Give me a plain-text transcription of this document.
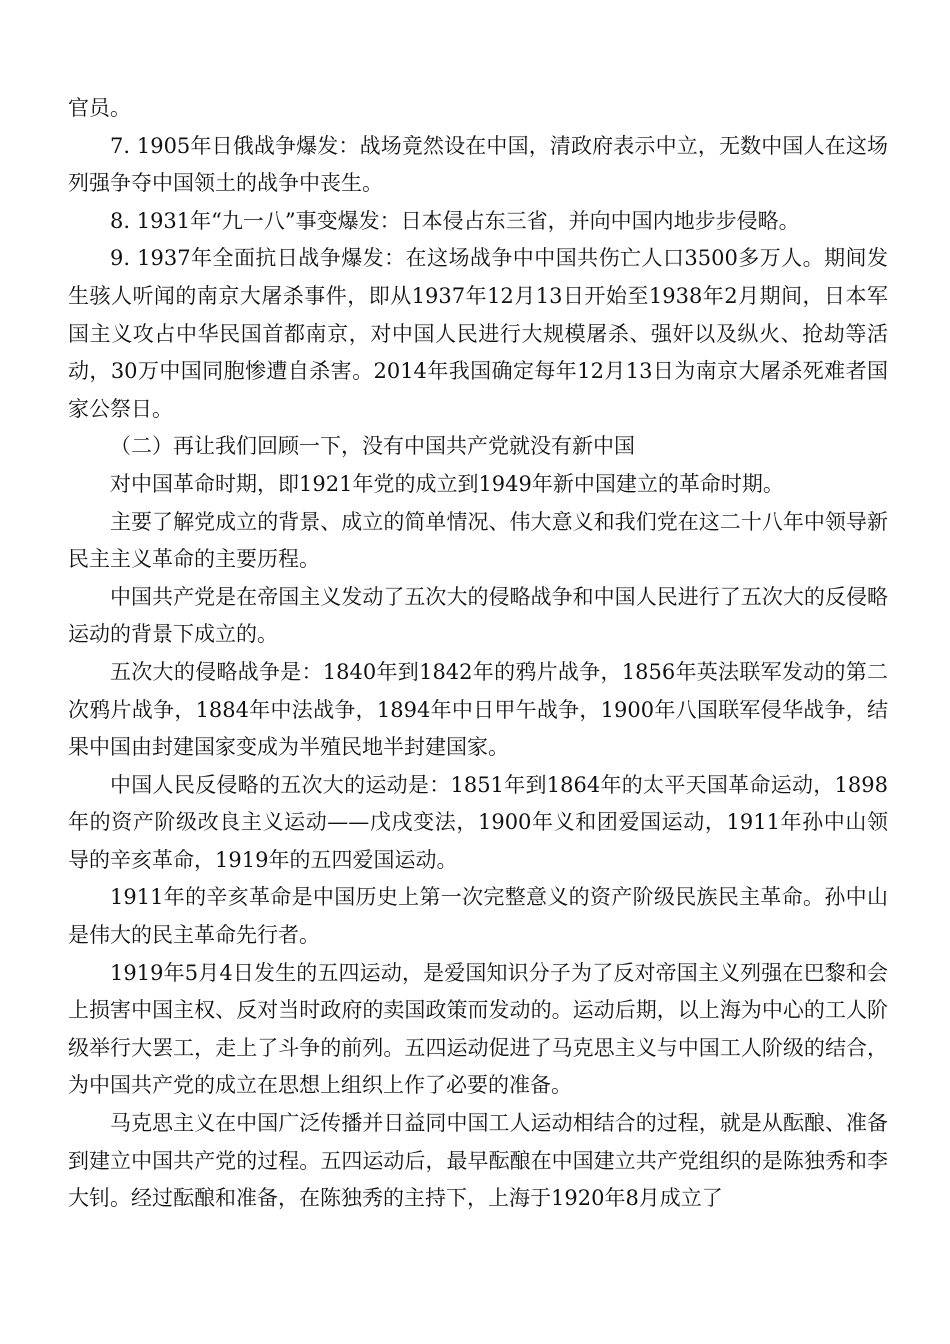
官员。

7. 1905年日俄战争爆发：战场竟然设在中国，清政府表示中立，无数中国人在这场列强争夺中国领土的战争中丧生。

8. 1931年“九一八”事变爆发：日本侵占东三省，并向中国内地步步侵略。

9. 1937年全面抗日战争爆发：在这场战争中中国共伤亡人口3500多万人。期间发生骇人听闻的南京大屠杀事件，即从1937年12月13日开始至1938年2月期间，日本军国主义攻占中华民国首都南京，对中国人民进行大规模屠杀、强奸以及纵火、抢劫等活动，30万中国同胞惨遭自杀害。2014年我国确定每年12月13日为南京大屠杀死难者国家公祭日。

（二）再让我们回顾一下，没有中国共产党就没有新中国

对中国革命时期，即1921年党的成立到1949年新中国建立的革命时期。

主要了解党成立的背景、成立的简单情况、伟大意义和我们党在这二十八年中领导新民主主义革命的主要历程。

中国共产党是在帝国主义发动了五次大的侵略战争和中国人民进行了五次大的反侵略运动的背景下成立的。

五次大的侵略战争是：1840年到1842年的鸦片战争，1856年英法联军发动的第二次鸦片战争，1884年中法战争，1894年中日甲午战争，1900年八国联军侵华战争，结果中国由封建国家变成为半殖民地半封建国家。

中国人民反侵略的五次大的运动是：1851年到1864年的太平天国革命运动，1898年的资产阶级改良主义运动——戊戌变法，1900年义和团爱国运动，1911年孙中山领导的辛亥革命，1919年的五四爱国运动。

1911年的辛亥革命是中国历史上第一次完整意义的资产阶级民族民主革命。孙中山是伟大的民主革命先行者。

1919年5月4日发生的五四运动，是爱国知识分子为了反对帝国主义列强在巴黎和会上损害中国主权、反对当时政府的卖国政策而发动的。运动后期，以上海为中心的工人阶级举行大罢工，走上了斗争的前列。五四运动促进了马克思主义与中国工人阶级的结合，为中国共产党的成立在思想上组织上作了必要的准备。

马克思主义在中国广泛传播并日益同中国工人运动相结合的过程，就是从酝酿、准备到建立中国共产党的过程。五四运动后，最早酝酿在中国建立共产党组织的是陈独秀和李大钊。经过酝酿和准备，在陈独秀的主持下，上海于1920年8月成立了
